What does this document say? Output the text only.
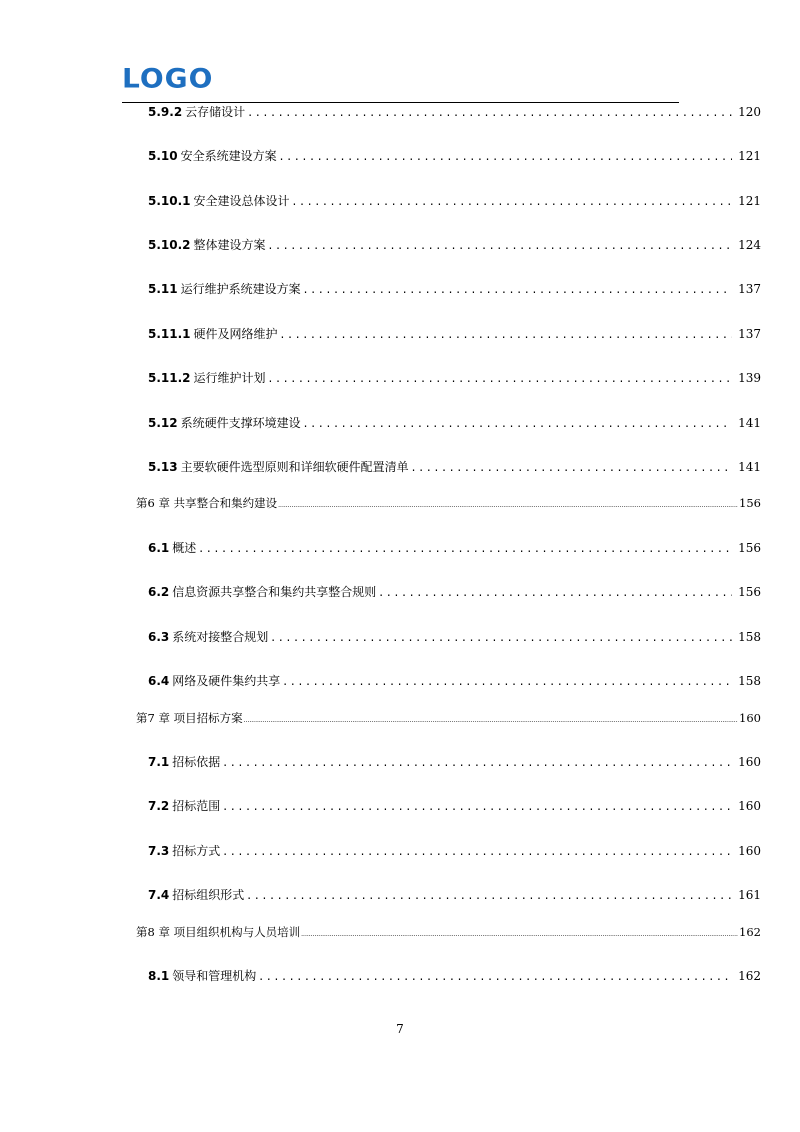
LOGO
5.9.2 云存储设计 . . .	120
5.10 安全系统建设方案 . . .	121
5.10.1 安全建设总体设计 . . .	121
5.10.2 整体建设方案 . . .	124
5.11 运行维护系统建设方案 . . .	137
5.11.1 硬件及网络维护 . . .	137
5.11.2 运行维护计划 . . .	139
5.12 系统硬件支撑环境建设 . . .	141
5.13 主要软硬件选型原则和详细软硬件配置清单 . . .	141
第6 章 共享整合和集约建设 .....	156
6.1 概述 . . .	156
6.2 信息资源共享整合和集约共享整合规则 . . .	156
6.3 系统对接整合规划 . . .	158
6.4 网络及硬件集约共享 . . .	158
第7 章 项目招标方案 .....	160
7.1 招标依据 . . .	160
7.2 招标范围 . . .	160
7.3 招标方式 . . .	160
7.4 招标组织形式 . . .	161
第8 章 项目组织机构与人员培训 .....	162
8.1 领导和管理机构 . . .	162
7
